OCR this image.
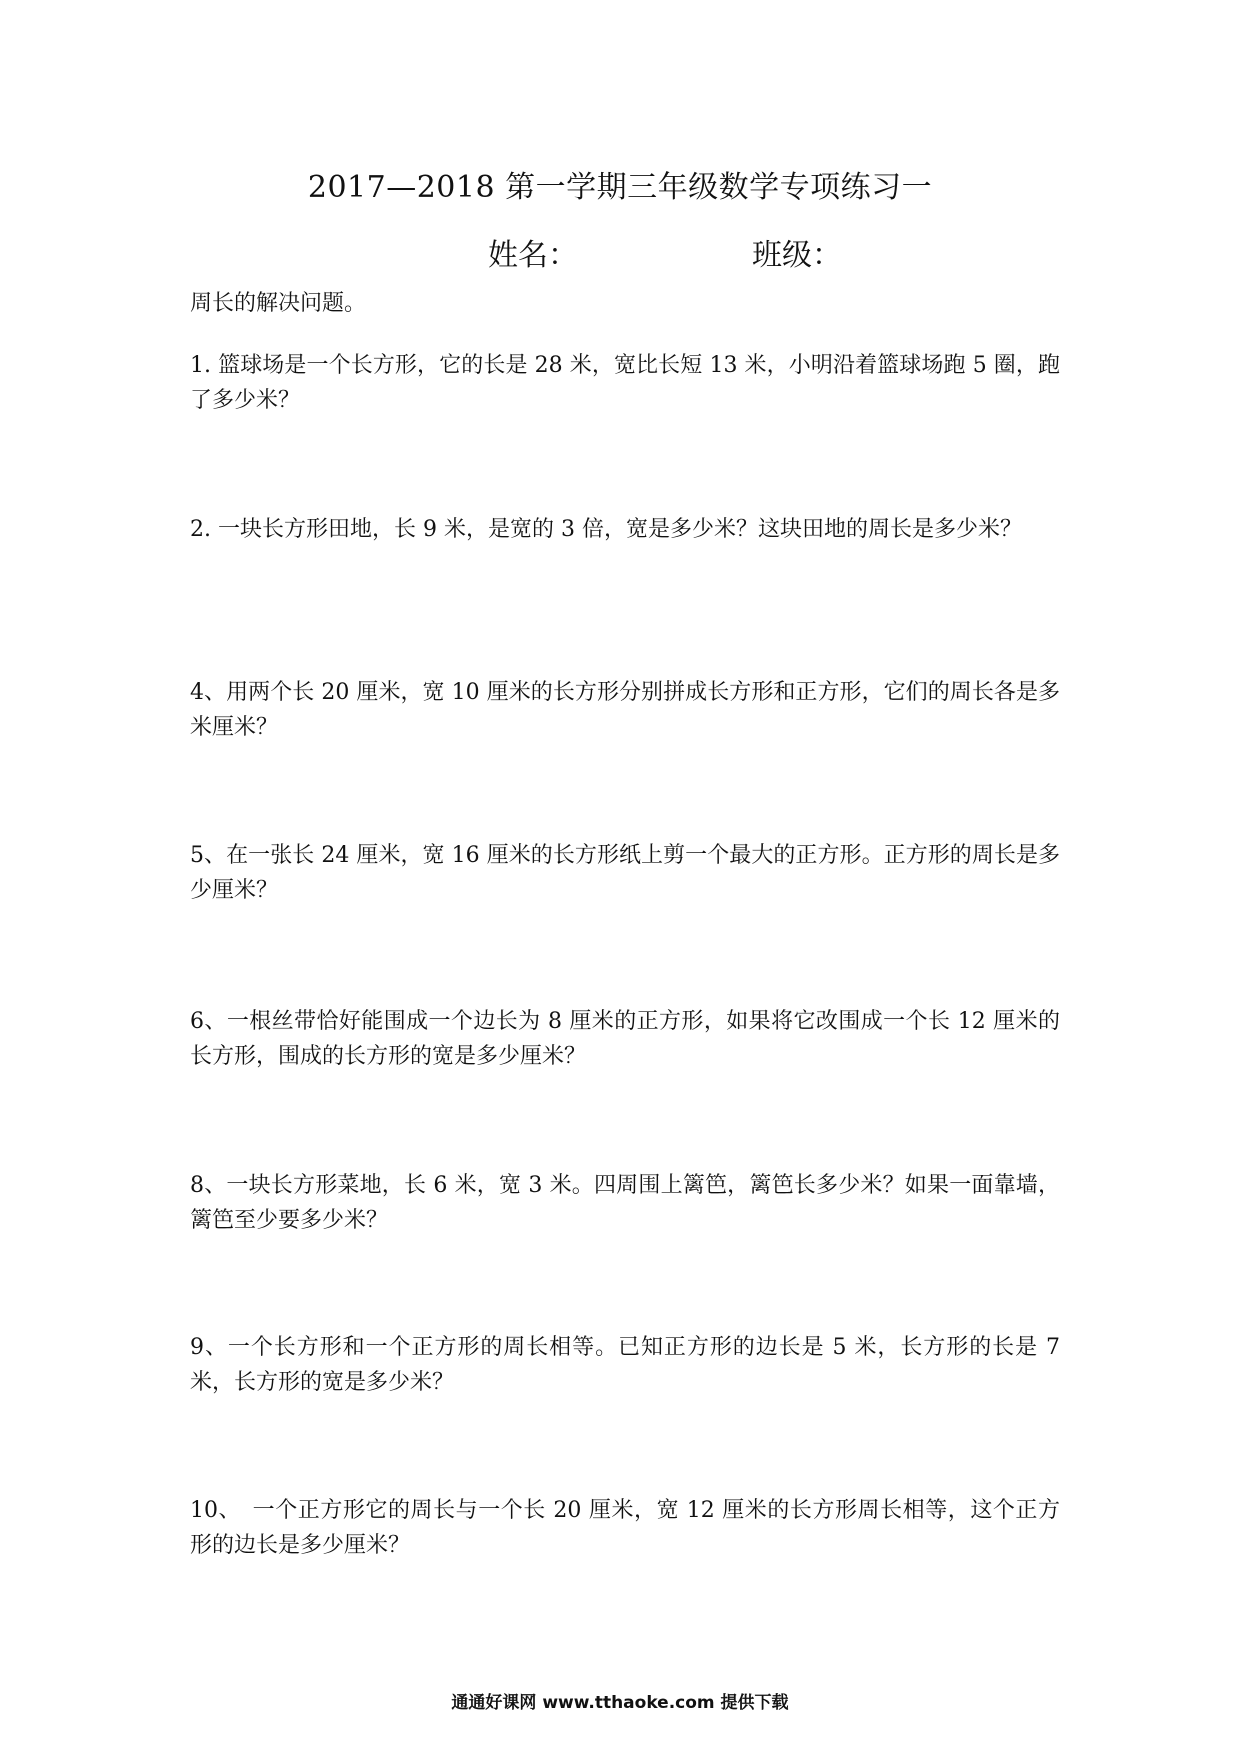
2017—2018 第一学期三年级数学专项练习一
姓名：	班级：
周长的解决问题。

1. 篮球场是一个长方形，它的长是 28 米，宽比长短 13 米，小明沿着篮球场跑 5 圈，跑了多少米？

2. 一块长方形田地，长 9 米，是宽的 3 倍，宽是多少米？这块田地的周长是多少米？

4、用两个长 20 厘米，宽 10 厘米的长方形分别拼成长方形和正方形，它们的周长各是多米厘米？

5、在一张长 24 厘米，宽 16 厘米的长方形纸上剪一个最大的正方形。正方形的周长是多少厘米？

6、一根丝带恰好能围成一个边长为 8 厘米的正方形，如果将它改围成一个长 12 厘米的长方形，围成的长方形的宽是多少厘米？

8、一块长方形菜地，长 6 米，宽 3 米。四周围上篱笆，篱笆长多少米？如果一面靠墙，篱笆至少要多少米？

9、一个长方形和一个正方形的周长相等。已知正方形的边长是 5 米，长方形的长是 7 米，长方形的宽是多少米？

10、　一个正方形它的周长与一个长 20 厘米，宽 12 厘米的长方形周长相等，这个正方形的边长是多少厘米？

通通好课网 www.tthaoke.com 提供下载
